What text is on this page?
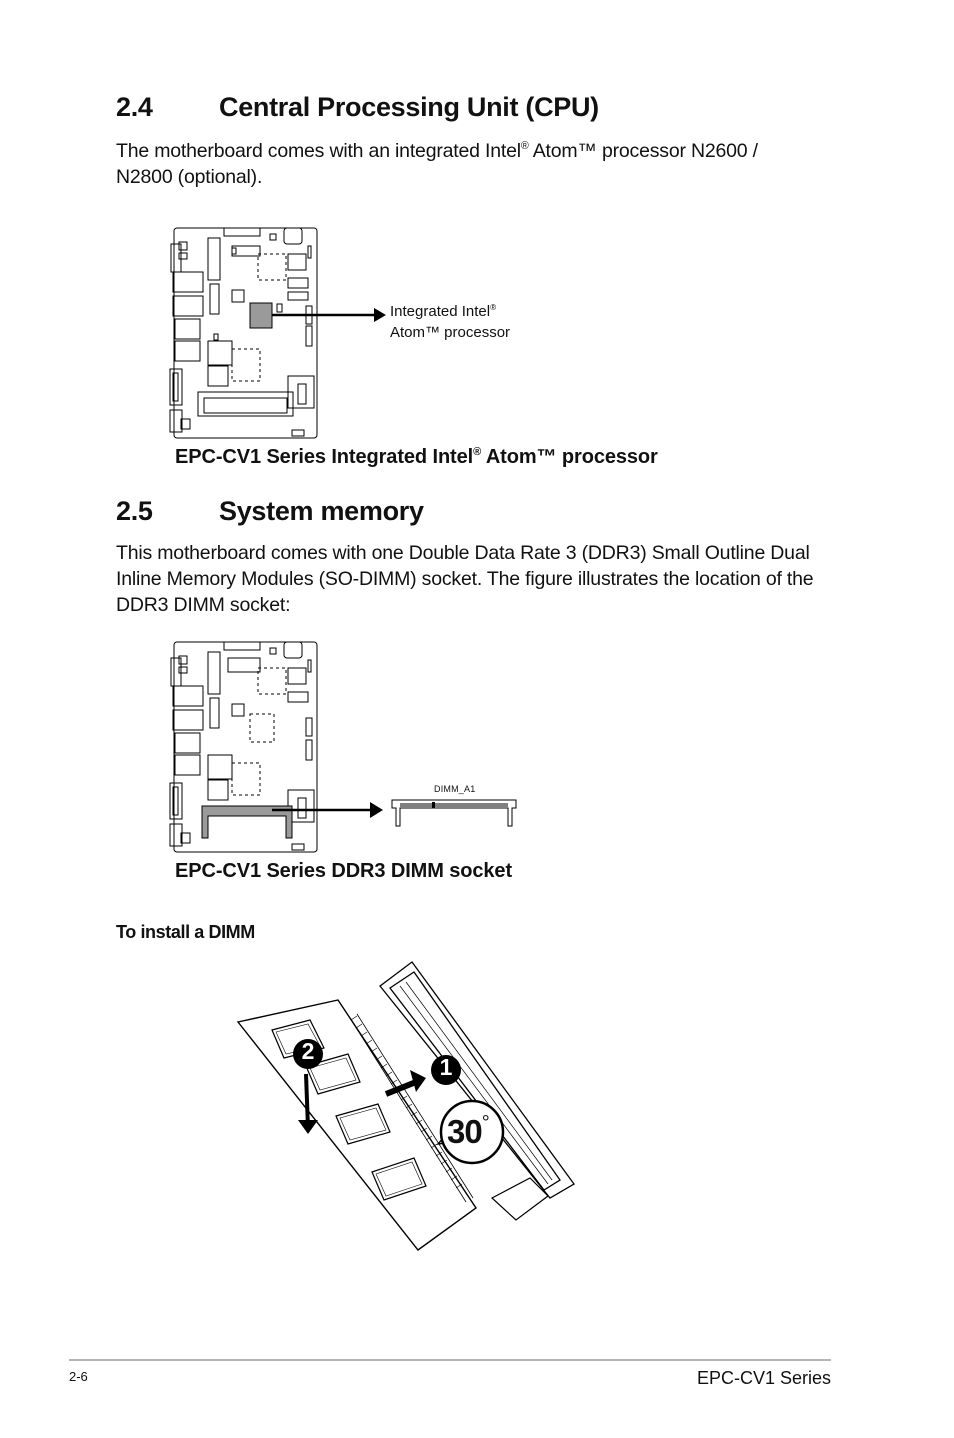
2.4 Central Processing Unit (CPU)
The motherboard comes with an integrated Intel® Atom™ processor N2600 /
N2800 (optional).
Integrated Intel®
Atom™ processor
EPC-CV1 Series Integrated Intel® Atom™ processor
2.5 System memory
This motherboard comes with one Double Data Rate 3 (DDR3) Small Outline Dual
Inline Memory Modules (SO-DIMM) socket. The figure illustrates the location of the
DDR3 DIMM socket:
DIMM_A1
EPC-CV1 Series DDR3 DIMM socket
To install a DIMM
2
1
30°
2-6	EPC-CV1 Series
